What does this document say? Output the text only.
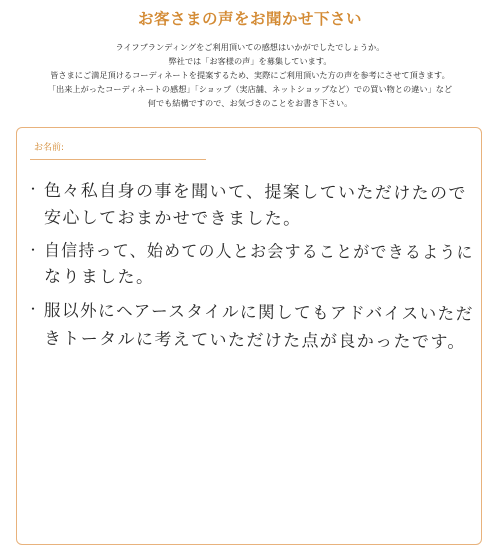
お客さまの声をお聞かせ下さい
ライフブランディングをご利用頂いての感想はいかがでしたでしょうか。
弊社では「お客様の声」を募集しています。
皆さまにご満足頂けるコーディネートを提案するため、実際にご利用頂いた方の声を参考にさせて頂きます。
「出来上がったコーディネートの感想」「ショップ（実店舗、ネットショップなど）での買い物との違い」など
何でも結構ですので、お気づきのことをお書き下さい。
お名前:
・ 色々私自身の事を聞いて、提案していただけたので
安心しておまかせできました。
・ 自信持って、始めての人とお会することができるように
なりました。
・ 服以外にヘアースタイルに関してもアドバイスいただ
きトータルに考えていただけた点が良かったです。
